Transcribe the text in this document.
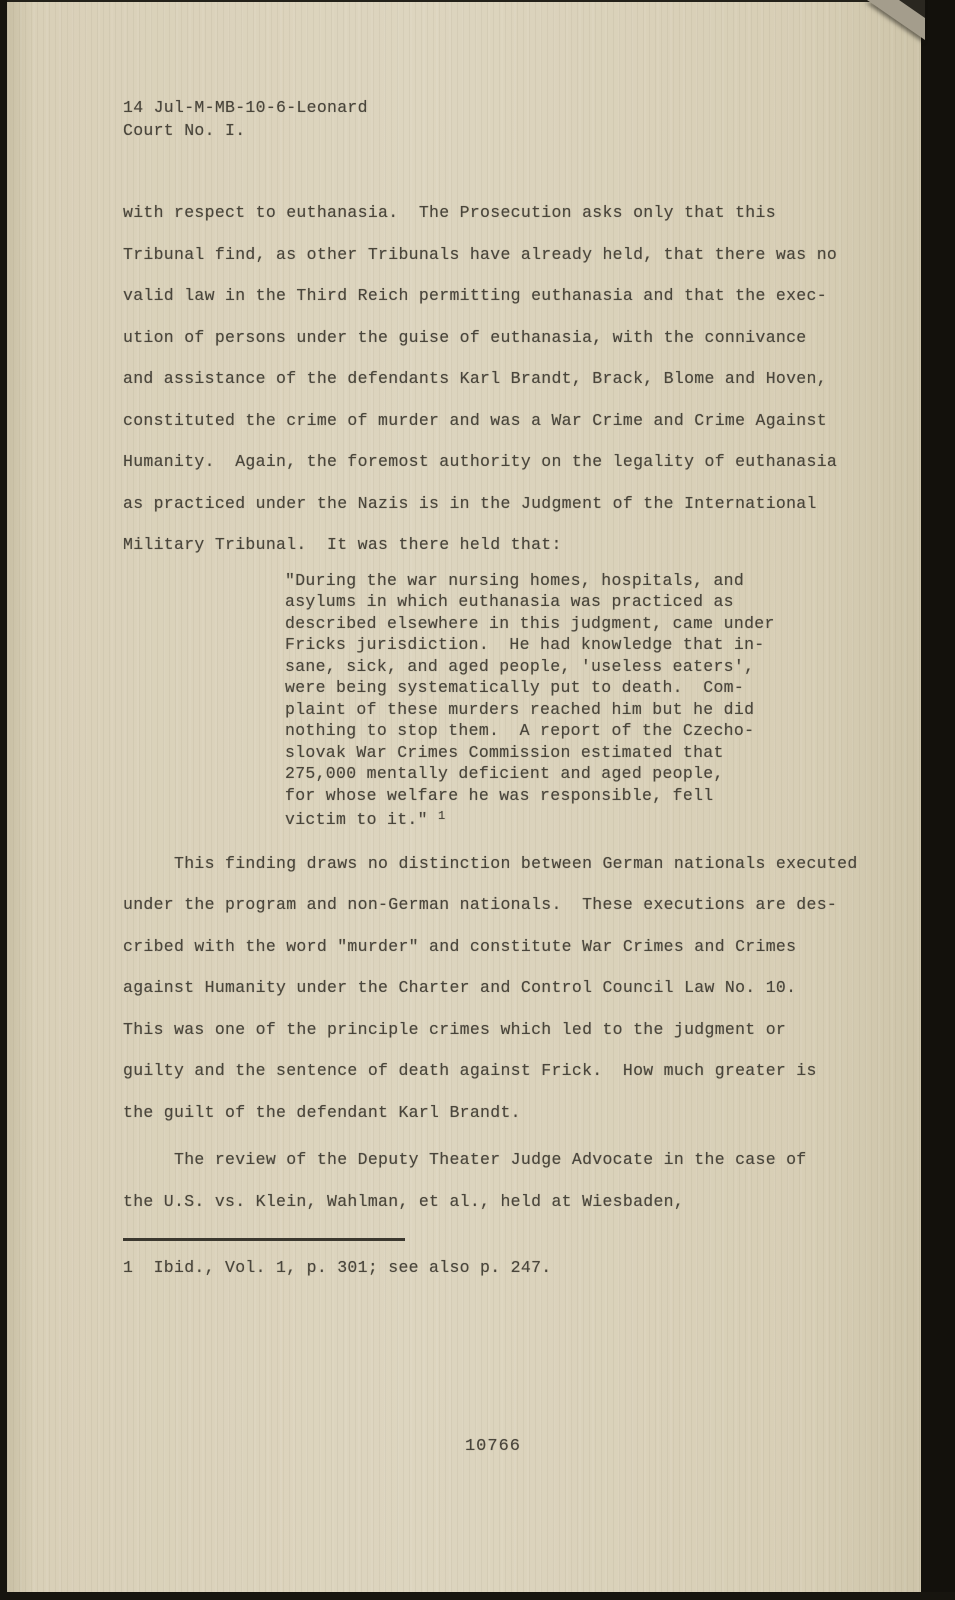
14 Jul-M-MB-10-6-Leonard
Court No. I.
with respect to euthanasia.  The Prosecution asks only that this
Tribunal find, as other Tribunals have already held, that there was no
valid law in the Third Reich permitting euthanasia and that the exec-
ution of persons under the guise of euthanasia, with the connivance
and assistance of the defendants Karl Brandt, Brack, Blome and Hoven,
constituted the crime of murder and was a War Crime and Crime Against
Humanity.  Again, the foremost authority on the legality of euthanasia
as practiced under the Nazis is in the Judgment of the International
Military Tribunal.  It was there held that:
"During the war nursing homes, hospitals, and
asylums in which euthanasia was practiced as
described elsewhere in this judgment, came under
Fricks jurisdiction.  He had knowledge that in-
sane, sick, and aged people, 'useless eaters',
were being systematically put to death.  Com-
plaint of these murders reached him but he did
nothing to stop them.  A report of the Czecho-
slovak War Crimes Commission estimated that
275,000 mentally deficient and aged people,
for whose welfare he was responsible, fell
victim to it." $^1$
This finding draws no distinction between German nationals executed
under the program and non-German nationals.  These executions are des-
cribed with the word "murder" and constitute War Crimes and Crimes
against Humanity under the Charter and Control Council Law No. 10.
This was one of the principle crimes which led to the judgment or
guilty and the sentence of death against Frick.  How much greater is
the guilt of the defendant Karl Brandt.
The review of the Deputy Theater Judge Advocate in the case of
the U.S. vs. Klein, Wahlman, et al., held at Wiesbaden,
1  Ibid., Vol. 1, p. 301; see also p. 247.
10766
